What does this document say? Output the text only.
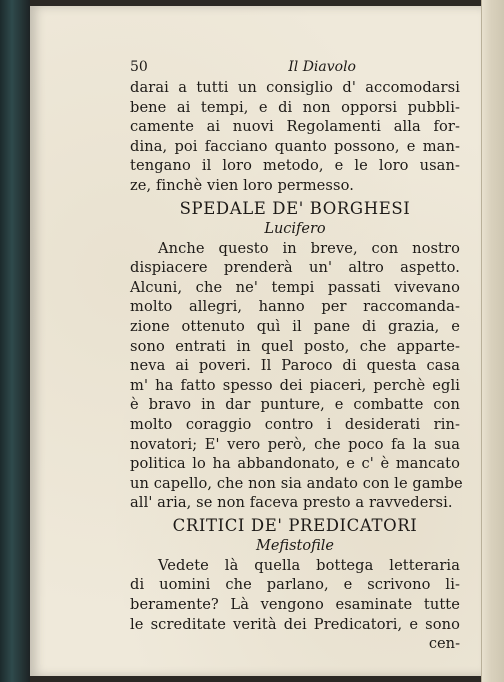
50	Il Diavolo
darai a tutti un consiglio d' accomodarsi
bene ai tempi, e di non opporsi pubbli-
camente ai nuovi Regolamenti alla for-
dina, poi facciano quanto possono, e man-
tengano il loro metodo, e le loro usan-
ze, finchè vien loro permesso.
SPEDALE DE' BORGHESI
Lucifero
Anche questo in breve, con nostro
dispiacere prenderà un' altro aspetto.
Alcuni, che ne' tempi passati vivevano
molto allegri, hanno per raccomanda-
zione ottenuto quì il pane di grazia, e
sono entrati in quel posto, che apparte-
neva ai poveri. Il Paroco di questa casa
m' ha fatto spesso dei piaceri, perchè egli
è bravo in dar punture, e combatte con
molto coraggio contro i desiderati rin-
novatori; E' vero però, che poco fa la sua
politica lo ha abbandonato, e c' è mancato
un capello, che non sia andato con le gambe
all' aria, se non faceva presto a ravvedersi.
CRITICI DE' PREDICATORI
Mefistofile
Vedete là quella bottega letteraria
di uomini che parlano, e scrivono li-
beramente? Là vengono esaminate tutte
le screditate verità dei Predicatori, e sono
cen-
